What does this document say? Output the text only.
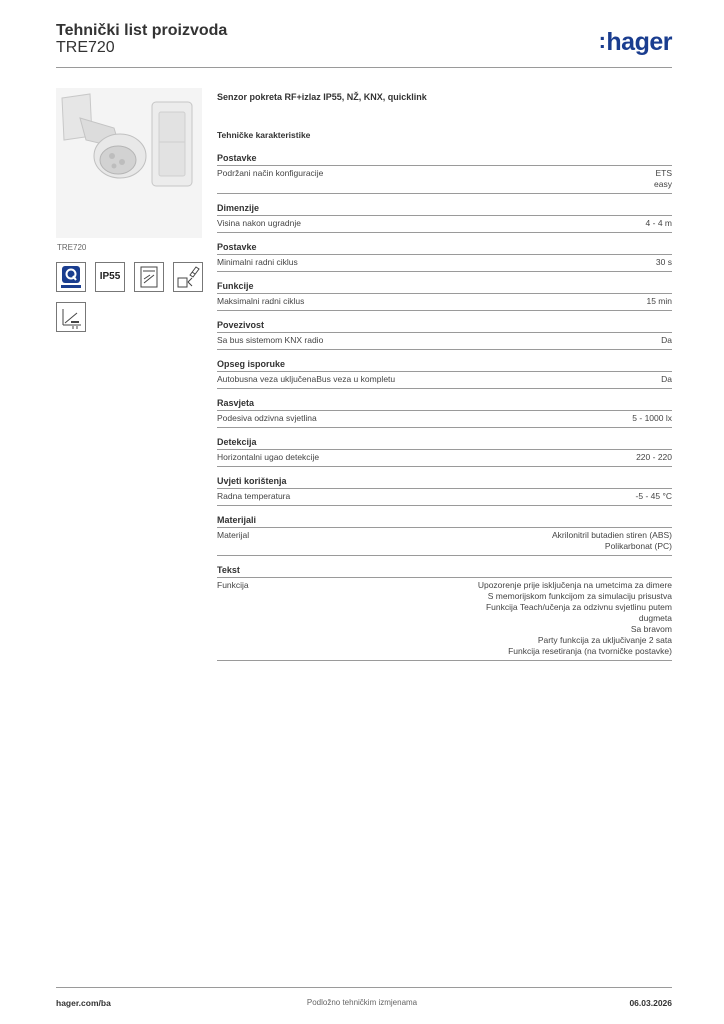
Tehnički list proizvoda
TRE720	:hager
TRE720
IP55
Senzor pokreta RF+izlaz IP55, NŽ, KNX, quicklink
Tehničke karakteristike
Postavke
Podržani način konfiguracije	ETS
easy
Dimenzije
Visina nakon ugradnje	4 - 4 m
Postavke
Minimalni radni ciklus	30 s
Funkcije
Maksimalni radni ciklus	15 min
Povezivost
Sa bus sistemom KNX radio	Da
Opseg isporuke
Autobusna veza uključenaBus veza u kompletu	Da
Rasvjeta
Podesiva odzivna svjetlina	5 - 1000 lx
Detekcija
Horizontalni ugao detekcije	220 - 220
Uvjeti korištenja
Radna temperatura	-5 - 45 °C
Materijali
Materijal	Akrilonitril butadien stiren (ABS)
Polikarbonat (PC)
Tekst
Funkcija	Upozorenje prije isključenja na umetcima za dimere
S memorijskom funkcijom za simulaciju prisustva
Funkcija Teach/učenja za odzivnu svjetlinu putem
dugmeta
Sa bravom
Party funkcija za uključivanje 2 sata
Funkcija resetiranja (na tvorničke postavke)
hager.com/ba	Podložno tehničkim izmjenama	06.03.2026
